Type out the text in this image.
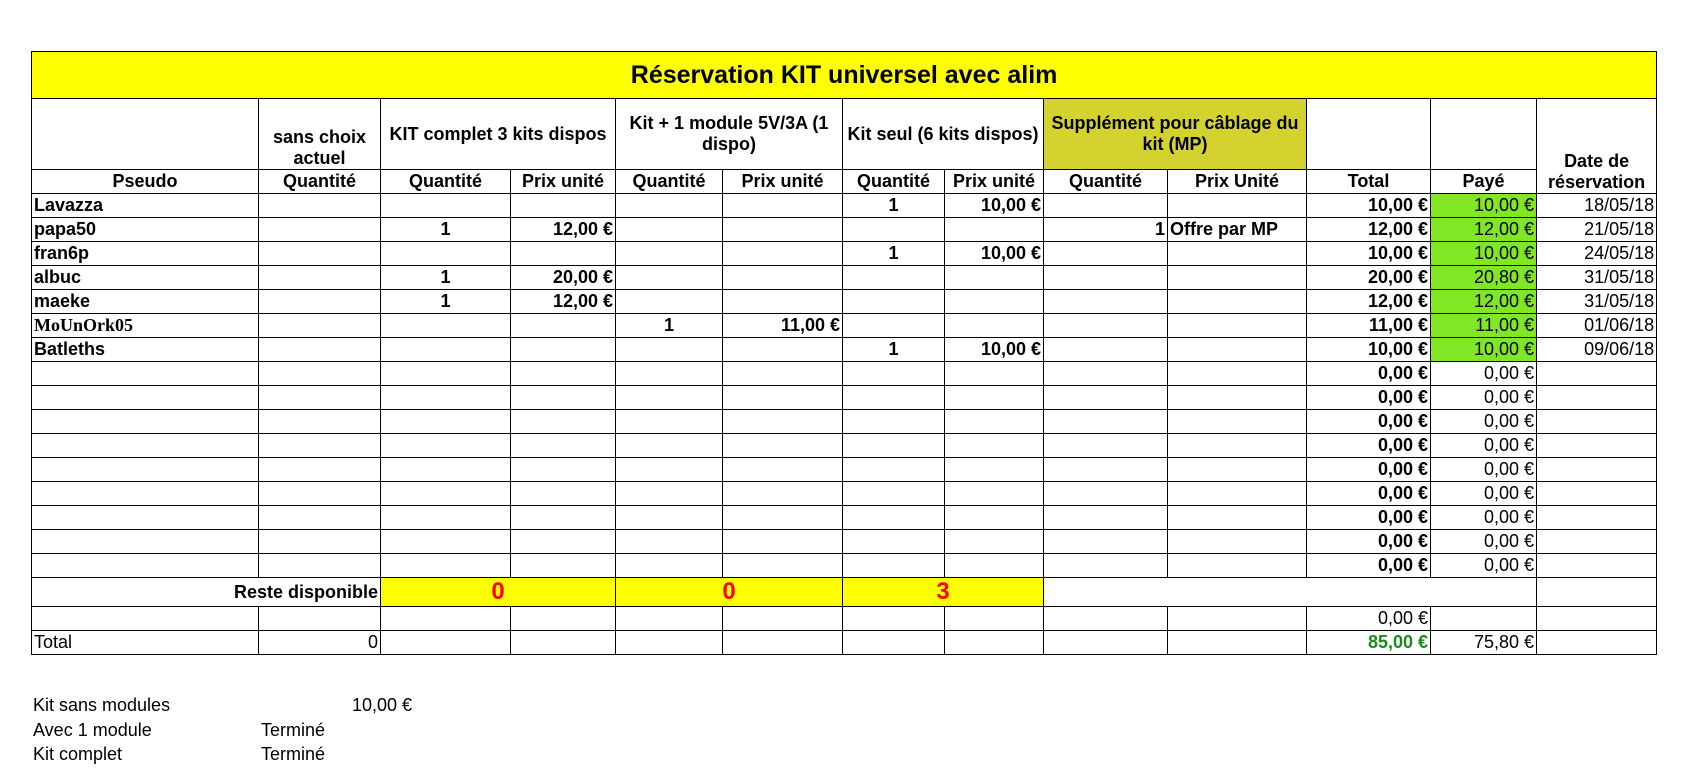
Réservation KIT universel avec alim												
	sans choix actuel	KIT complet 3 kits dispos		Kit + 1 module 5V/3A (1 dispo)		Kit seul (6 kits dispos)		Supplément pour câblage du kit (MP)				Date de réservation
Pseudo	Quantité	Quantité	Prix unité	Quantité	Prix unité	Quantité	Prix unité	Quantité	Prix Unité	Total	Payé	
Lavazza						1	10,00 €			10,00 €	10,00 €	18/05/18
papa50		1	12,00 €					1	Offre par MP	12,00 €	12,00 €	21/05/18
fran6p						1	10,00 €			10,00 €	10,00 €	24/05/18
albuc		1	20,00 €							20,00 €	20,80 €	31/05/18
maeke		1	12,00 €							12,00 €	12,00 €	31/05/18
MoUnOrk05				1	11,00 €					11,00 €	11,00 €	01/06/18
Batleths						1	10,00 €			10,00 €	10,00 €	09/06/18
										0,00 €	0,00 €	
										0,00 €	0,00 €	
										0,00 €	0,00 €	
										0,00 €	0,00 €	
										0,00 €	0,00 €	
										0,00 €	0,00 €	
										0,00 €	0,00 €	
										0,00 €	0,00 €	
										0,00 €	0,00 €	
Reste disponible		0		0		3						
										0,00 €		
Total	0									85,00 €	75,80 €	
Kit sans modules	10,00 €
Avec 1 module	Terminé
Kit complet	Terminé
